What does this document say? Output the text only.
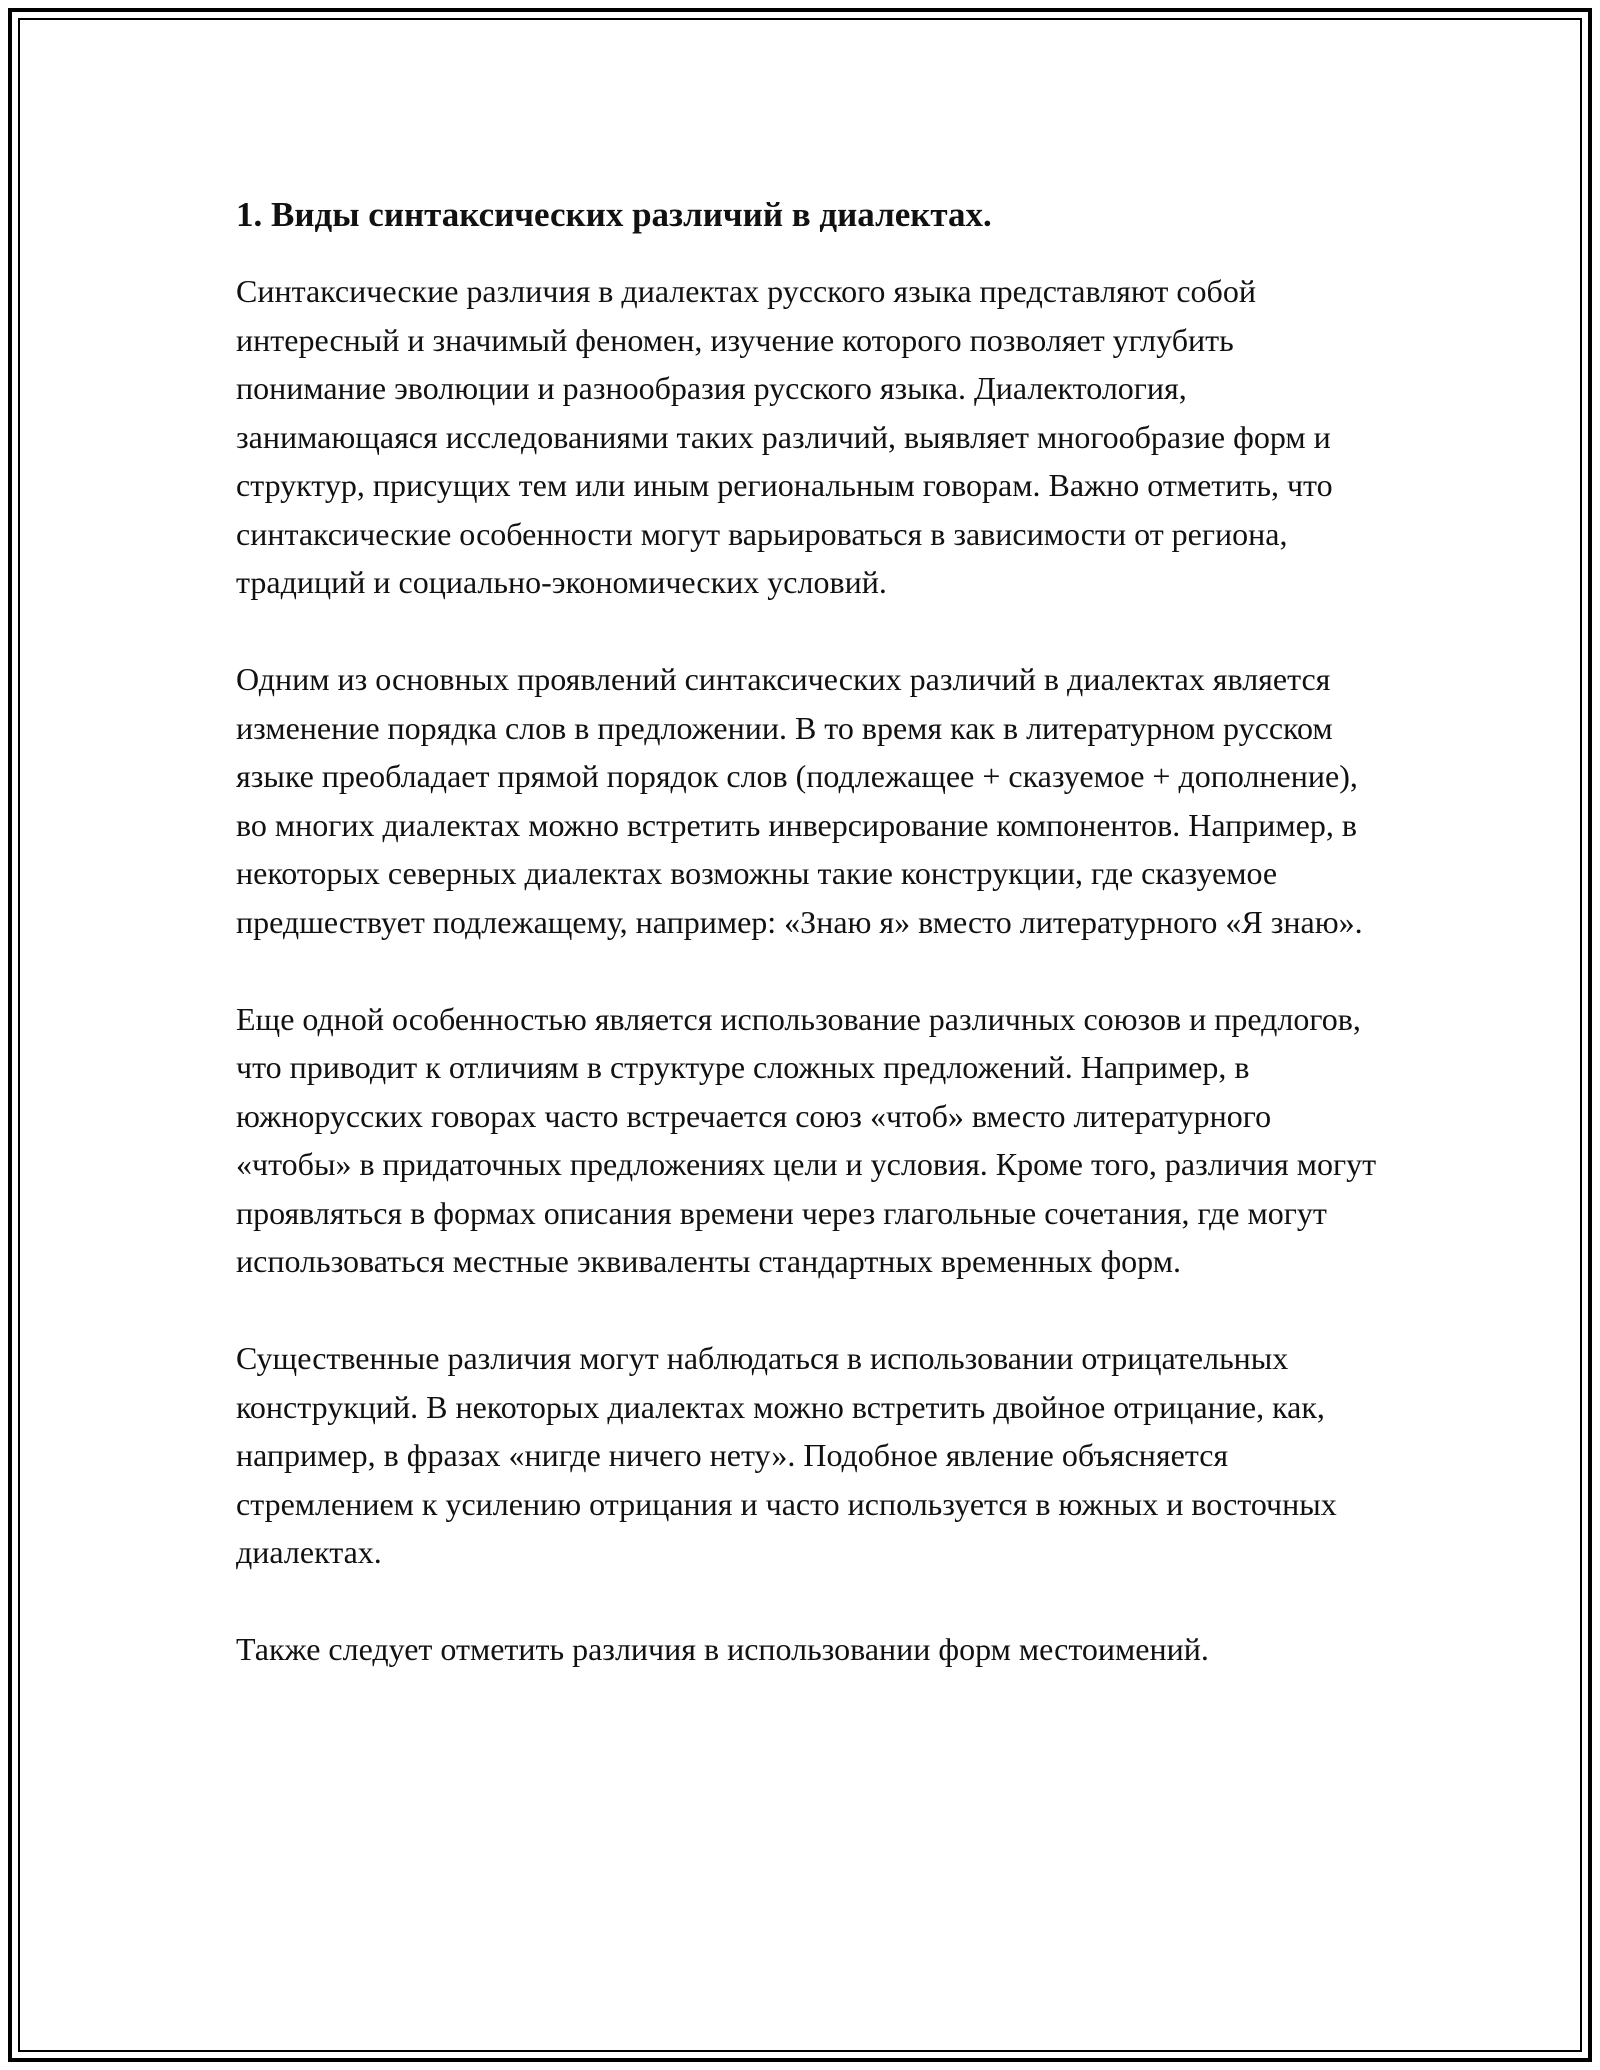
1. Виды синтаксических различий в диалектах.

Синтаксические различия в диалектах русского языка представляют собой интересный и значимый феномен, изучение которого позволяет углубить понимание эволюции и разнообразия русского языка. Диалектология, занимающаяся исследованиями таких различий, выявляет многообразие форм и структур, присущих тем или иным региональным говорам. Важно отметить, что синтаксические особенности могут варьироваться в зависимости от региона, традиций и социально-экономических условий.

Одним из основных проявлений синтаксических различий в диалектах является изменение порядка слов в предложении. В то время как в литературном русском языке преобладает прямой порядок слов (подлежащее + сказуемое + дополнение), во многих диалектах можно встретить инверсирование компонентов. Например, в некоторых северных диалектах возможны такие конструкции, где сказуемое предшествует подлежащему, например: «Знаю я» вместо литературного «Я знаю».

Еще одной особенностью является использование различных союзов и предлогов, что приводит к отличиям в структуре сложных предложений. Например, в южнорусских говорах часто встречается союз «чтоб» вместо литературного «чтобы» в придаточных предложениях цели и условия. Кроме того, различия могут проявляться в формах описания времени через глагольные сочетания, где могут использоваться местные эквиваленты стандартных временных форм.

Существенные различия могут наблюдаться в использовании отрицательных конструкций. В некоторых диалектах можно встретить двойное отрицание, как, например, в фразах «нигде ничего нету». Подобное явление объясняется стремлением к усилению отрицания и часто используется в южных и восточных диалектах.

Также следует отметить различия в использовании форм местоимений.
